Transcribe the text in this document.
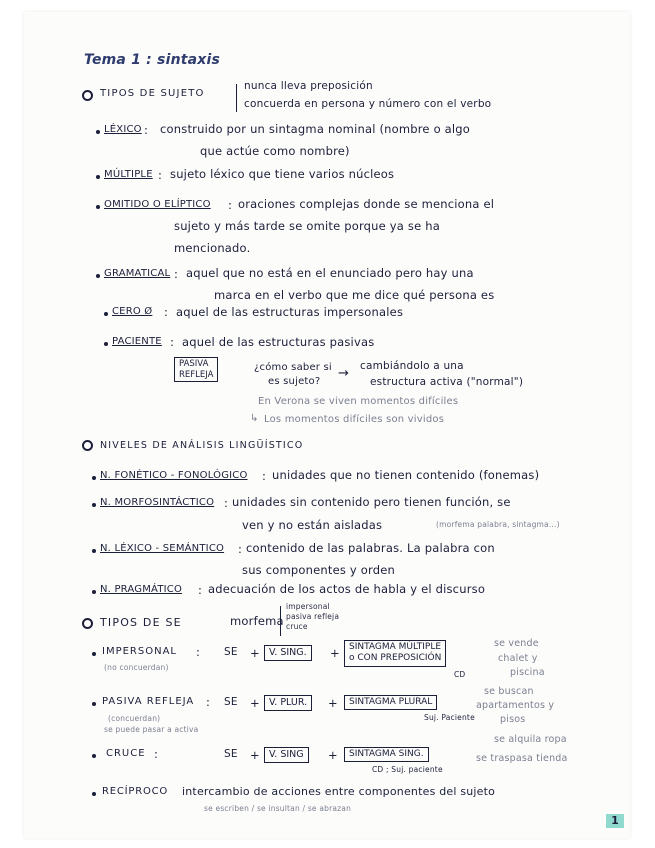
Tema 1 : sintaxis
TIPOS DE SUJETO
nunca lleva preposición
concuerda en persona y número con el verbo
LÉXICO : construido por un sintagma nominal (nombre o algo
que actúe como nombre)
MÚLTIPLE : sujeto léxico que tiene varios núcleos
OMITIDO O ELÍPTICO : oraciones complejas donde se menciona el
sujeto y más tarde se omite porque ya se ha
mencionado.
GRAMATICAL : aquel que no está en el enunciado pero hay una
marca en el verbo que me dice qué persona es
CERO Ø : aquel de las estructuras impersonales
PACIENTE : aquel de las estructuras pasivas
PASIVA
REFLEJA
¿cómo saber si
es sujeto?
→ cambiándolo a una
estructura activa ("normal")
En Verona se viven momentos difíciles
↳ Los momentos difíciles son vividos
NIVELES DE ANÁLISIS LINGÜÍSTICO
N. FONÉTICO - FONOLÓGICO : unidades que no tienen contenido (fonemas)
N. MORFOSINTÁCTICO : unidades sin contenido pero tienen función, se
ven y no están aisladas	(morfema palabra, sintagma...)
N. LÉXICO - SEMÁNTICO : contenido de las palabras. La palabra con
sus componentes y orden
N. PRAGMÁTICO : adecuación de los actos de habla y el discurso
TIPOS DE SE	morfema
impersonal
pasiva refleja
cruce
IMPERSONAL :
(no concuerdan)
SE + V. SING.	+ SINTAGMA MÚLTIPLE
o CON PREPOSICIÓN
CD
se vende
chalet y
piscina
PASIVA REFLEJA :
(concuerdan)
se puede pasar a activa
SE + V. PLUR.	+	SINTAGMA PLURAL
Suj. Paciente
se buscan
apartamentos y
pisos
CRUCE :	SE + V. SING	+	SINTAGMA SING.
CD ; Suj. paciente
se alquila ropa
se traspasa tienda
RECÍPROCO intercambio de acciones entre componentes del sujeto
se escriben / se insultan / se abrazan
1
